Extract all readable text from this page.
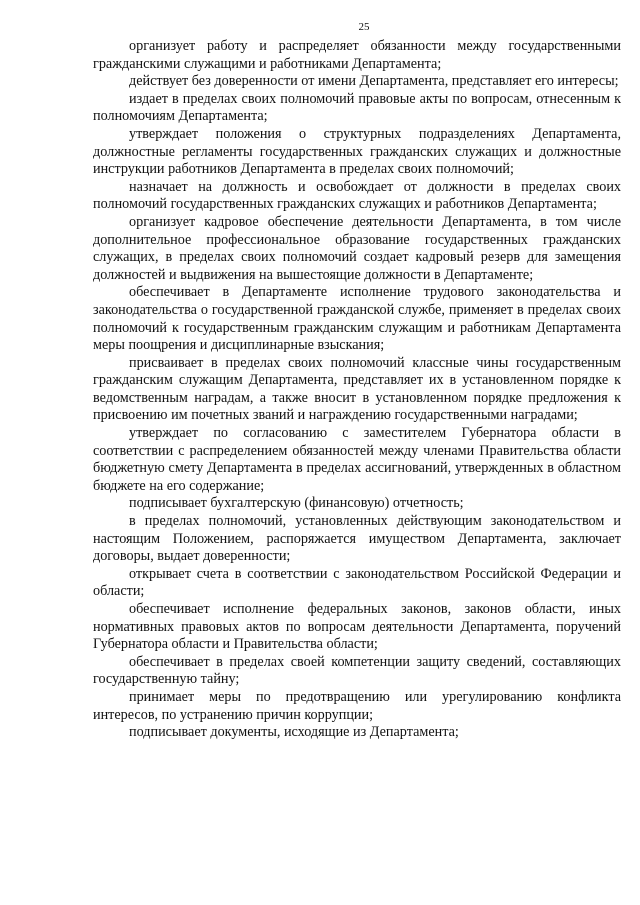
25

организует работу и распределяет обязанности между государственными гражданскими служащими и работниками Департамента;

действует без доверенности от имени Департамента, представляет его интересы;

издает в пределах своих полномочий правовые акты по вопросам, отнесенным к полномочиям Департамента;

утверждает положения о структурных подразделениях Департамента, должностные регламенты государственных гражданских служащих и должностные инструкции работников Департамента в пределах своих полномочий;

назначает на должность и освобождает от должности в пределах своих полномочий государственных гражданских служащих и работников Департамента;

организует кадровое обеспечение деятельности Департамента, в том числе дополнительное профессиональное образование государственных гражданских служащих, в пределах своих полномочий создает кадровый резерв для замещения должностей и выдвижения на вышестоящие должности в Департаменте;

обеспечивает в Департаменте исполнение трудового законодательства и законодательства о государственной гражданской службе, применяет в пределах своих полномочий к государственным гражданским служащим и работникам Департамента меры поощрения и дисциплинарные взыскания;

присваивает в пределах своих полномочий классные чины государственным гражданским служащим Департамента, представляет их в установленном порядке к ведомственным наградам, а также вносит в установленном порядке предложения к присвоению им почетных званий и награждению государственными наградами;

утверждает по согласованию с заместителем Губернатора области в соответствии с распределением обязанностей между членами Правительства области бюджетную смету Департамента в пределах ассигнований, утвержденных в областном бюджете на его содержание;

подписывает бухгалтерскую (финансовую) отчетность;

в пределах полномочий, установленных действующим законодательством и настоящим Положением, распоряжается имуществом Департамента, заключает договоры, выдает доверенности;

открывает счета в соответствии с законодательством Российской Федерации и области;

обеспечивает исполнение федеральных законов, законов области, иных нормативных правовых актов по вопросам деятельности Департамента, поручений Губернатора области и Правительства области;

обеспечивает в пределах своей компетенции защиту сведений, составляющих государственную тайну;

принимает меры по предотвращению или урегулированию конфликта интересов, по устранению причин коррупции;

подписывает документы, исходящие из Департамента;
